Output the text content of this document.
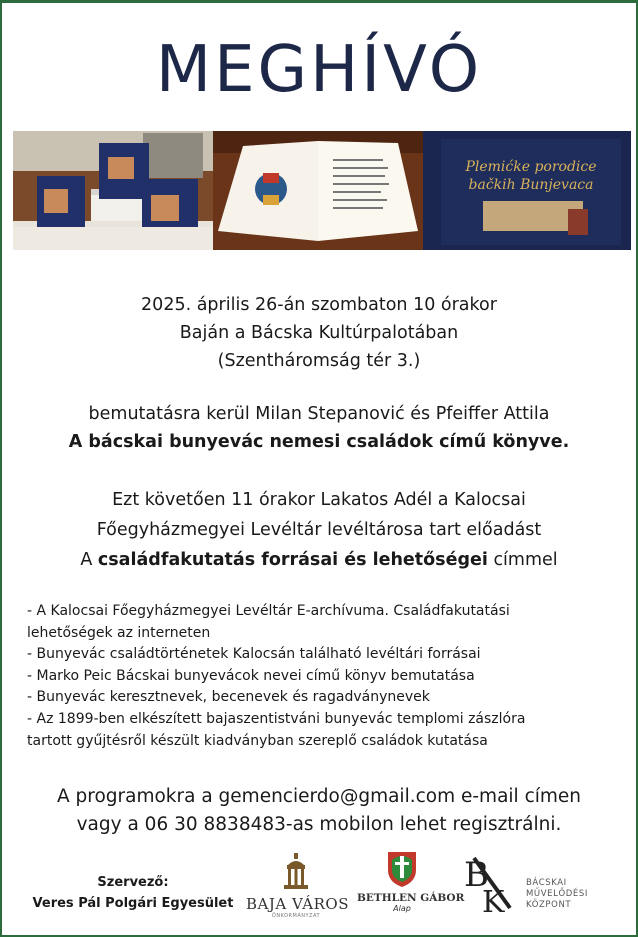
MEGHÍVÓ
Plemićke porodice
bačkih Bunjevaca
2025. április 26-án szombaton 10 órakor
Baján a Bácska Kultúrpalotában
(Szentháromság tér 3.)
bemutatásra kerül Milan Stepanović és Pfeiffer Attila
A bácskai bunyevác nemesi családok című könyve.
Ezt követően 11 órakor Lakatos Adél a Kalocsai
Főegyházmegyei Levéltár levéltárosa tart előadást
A családfakutatás forrásai és lehetőségei címmel
- A Kalocsai Főegyházmegyei Levéltár E-archívuma. Családfakutatási
lehetőségek az interneten
- Bunyevác családtörténetek Kalocsán található levéltári forrásai
- Marko Peic Bácskai bunyevácok nevei című könyv bemutatása
- Bunyevác keresztnevek, becenevek és ragadványnevek
- Az 1899-ben elkészített bajaszentistváni bunyevác templomi zászlóra
tartott gyűjtésről készült kiadványban szereplő családok kutatása
A programokra a gemencierdo@gmail.com e-mail címen
vagy a 06 30 8838483-as mobilon lehet regisztrálni.
Szervező:
Veres Pál Polgári Egyesület BAJA VÁROS
ÖNKORMÁNYZAT
BETHLEN GÁBOR
Alap
B
K
BÁCSKAI
MŰVELŐDÉSI
KÖZPONT
